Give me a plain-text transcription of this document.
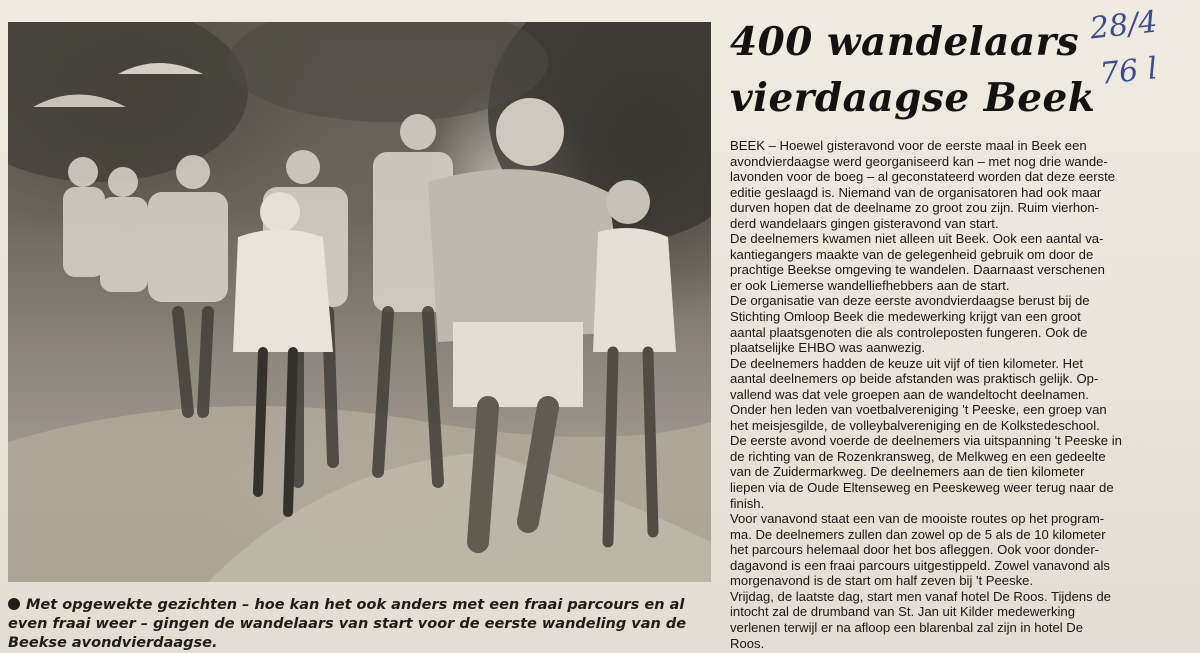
Met opgewekte gezichten – hoe kan het ook anders met een fraai parcours en al even fraai weer – gingen de wandelaars van start voor de eerste wandeling van de Beekse avondvierdaagse.
400 wandelaars
vierdaagse Beek
28/4
76 l

BEEK – Hoewel gisteravond voor de eerste maal in Beek een

avondvierdaagse werd georganiseerd kan – met nog drie wande-

lavonden voor de boeg – al geconstateerd worden dat deze eerste

editie geslaagd is. Niemand van de organisatoren had ook maar

durven hopen dat de deelname zo groot zou zijn. Ruim vierhon-

derd wandelaars gingen gisteravond van start.

De deelnemers kwamen niet alleen uit Beek. Ook een aantal va-

kantiegangers maakte van de gelegenheid gebruik om door de

prachtige Beekse omgeving te wandelen. Daarnaast verschenen

er ook Liemerse wandelliefhebbers aan de start.

De organisatie van deze eerste avondvierdaagse berust bij de

Stichting Omloop Beek die medewerking krijgt van een groot

aantal plaatsgenoten die als controleposten fungeren. Ook de

plaatselijke EHBO was aanwezig.

De deelnemers hadden de keuze uit vijf of tien kilometer. Het

aantal deelnemers op beide afstanden was praktisch gelijk. Op-

vallend was dat vele groepen aan de wandeltocht deelnamen.

Onder hen leden van voetbalvereniging 't Peeske, een groep van

het meisjesgilde, de volleybalvereniging en de Kolkstedeschool.

De eerste avond voerde de deelnemers via uitspanning 't Peeske in

de richting van de Rozenkransweg, de Melkweg en een gedeelte

van de Zuidermarkweg. De deelnemers aan de tien kilometer

liepen via de Oude Eltenseweg en Peeskeweg weer terug naar de

finish.

Voor vanavond staat een van de mooiste routes op het program-

ma. De deelnemers zullen dan zowel op de 5 als de 10 kilometer

het parcours helemaal door het bos afleggen. Ook voor donder-

dagavond is een fraai parcours uitgestippeld. Zowel vanavond als

morgenavond is de start om half zeven bij 't Peeske.

Vrijdag, de laatste dag, start men vanaf hotel De Roos. Tijdens de

intocht zal de drumband van St. Jan uit Kilder medewerking

verlenen terwijl er na afloop een blarenbal zal zijn in hotel De

Roos.
